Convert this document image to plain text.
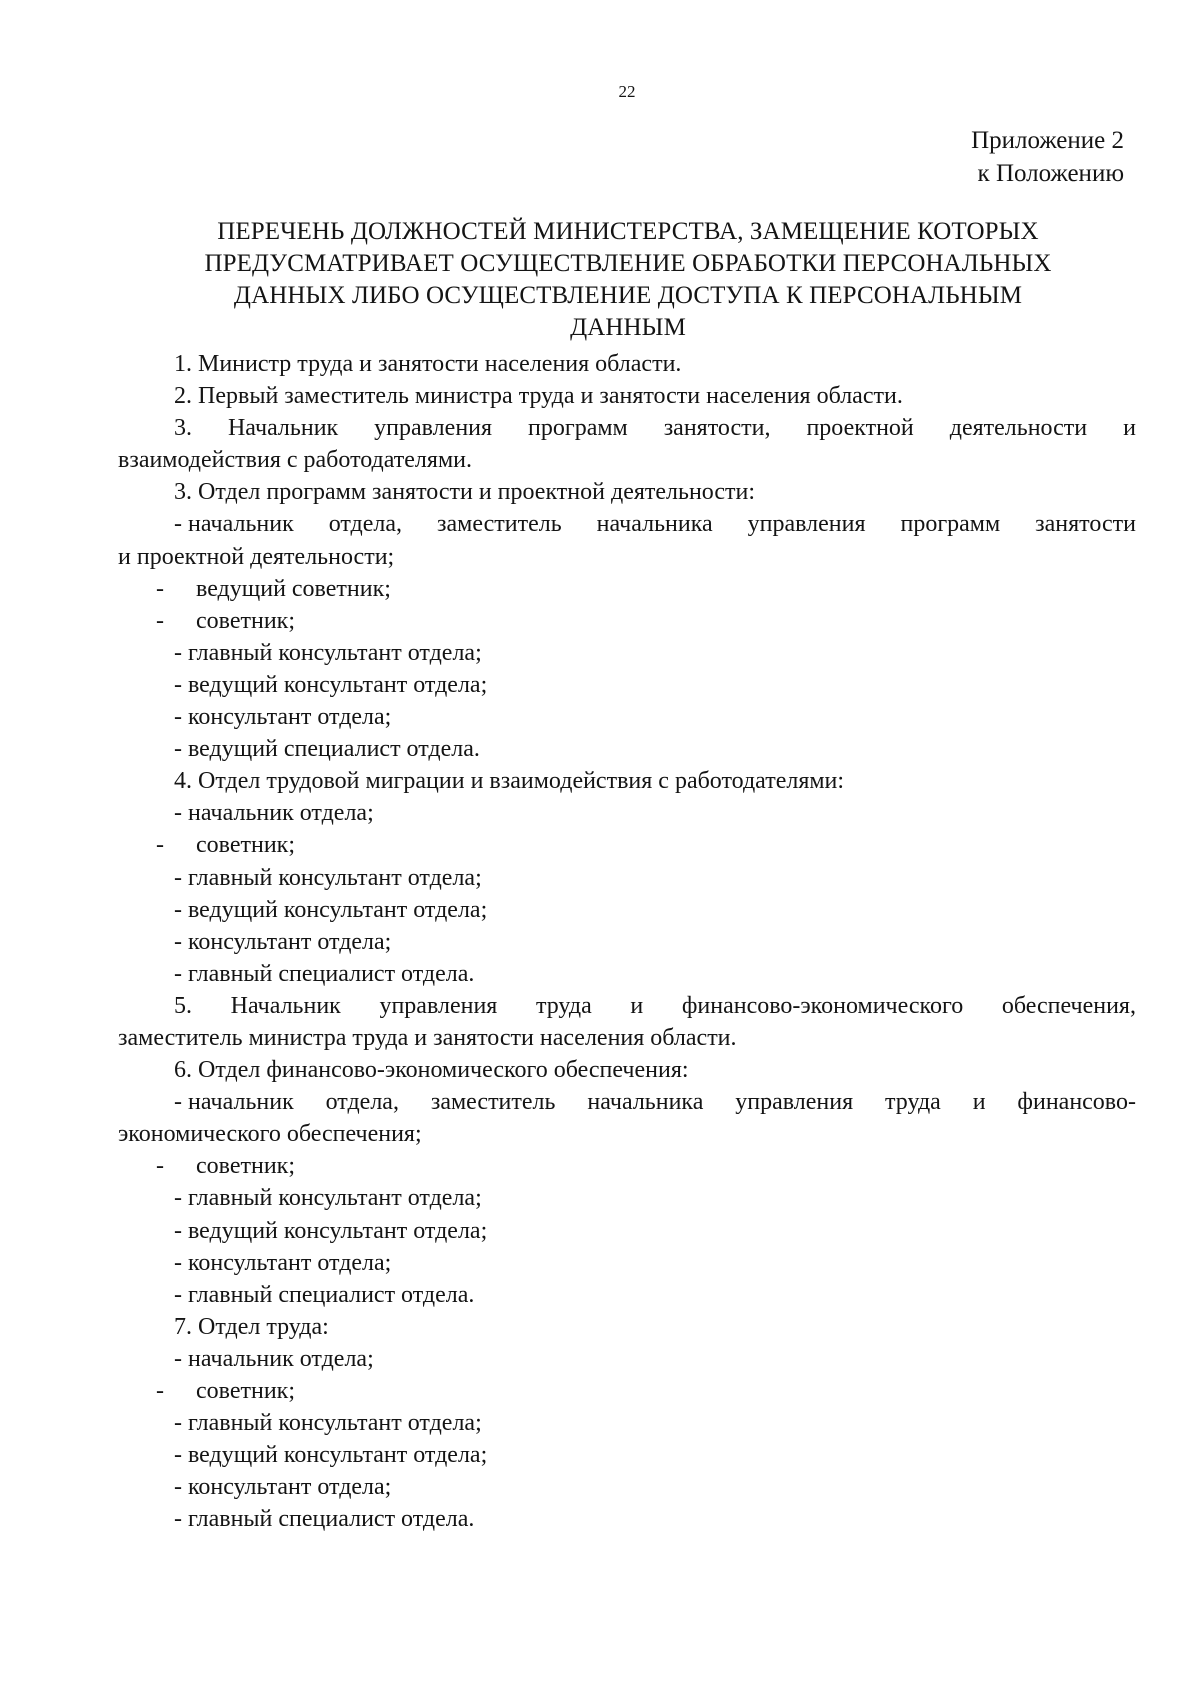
22
Приложение 2
к Положению
ПЕРЕЧЕНЬ ДОЛЖНОСТЕЙ МИНИСТЕРСТВА, ЗАМЕЩЕНИЕ КОТОРЫХ
ПРЕДУСМАТРИВАЕТ ОСУЩЕСТВЛЕНИЕ ОБРАБОТКИ ПЕРСОНАЛЬНЫХ
ДАННЫХ ЛИБО ОСУЩЕСТВЛЕНИЕ ДОСТУПА К ПЕРСОНАЛЬНЫМ
ДАННЫМ
1. Министр труда и занятости населения области.
2. Первый заместитель министра труда и занятости населения области.
3. Начальник управления программ занятости, проектной деятельности и
взаимодействия с работодателями.
3. Отдел программ занятости и проектной деятельности:
- начальник отдела, заместитель начальника управления программ занятости
и проектной деятельности;
-	ведущий советник;
-	советник;
- главный консультант отдела;
- ведущий консультант отдела;
- консультант отдела;
- ведущий специалист отдела.
4. Отдел трудовой миграции и взаимодействия с работодателями:
- начальник отдела;
-	советник;
- главный консультант отдела;
- ведущий консультант отдела;
- консультант отдела;
- главный специалист отдела.
5. Начальник управления труда и финансово-экономического обеспечения,
заместитель министра труда и занятости населения области.
6. Отдел финансово-экономического обеспечения:
- начальник отдела, заместитель начальника управления труда и финансово-
экономического обеспечения;
-	советник;
- главный консультант отдела;
- ведущий консультант отдела;
- консультант отдела;
- главный специалист отдела.
7. Отдел труда:
- начальник отдела;
-	советник;
- главный консультант отдела;
- ведущий консультант отдела;
- консультант отдела;
- главный специалист отдела.
